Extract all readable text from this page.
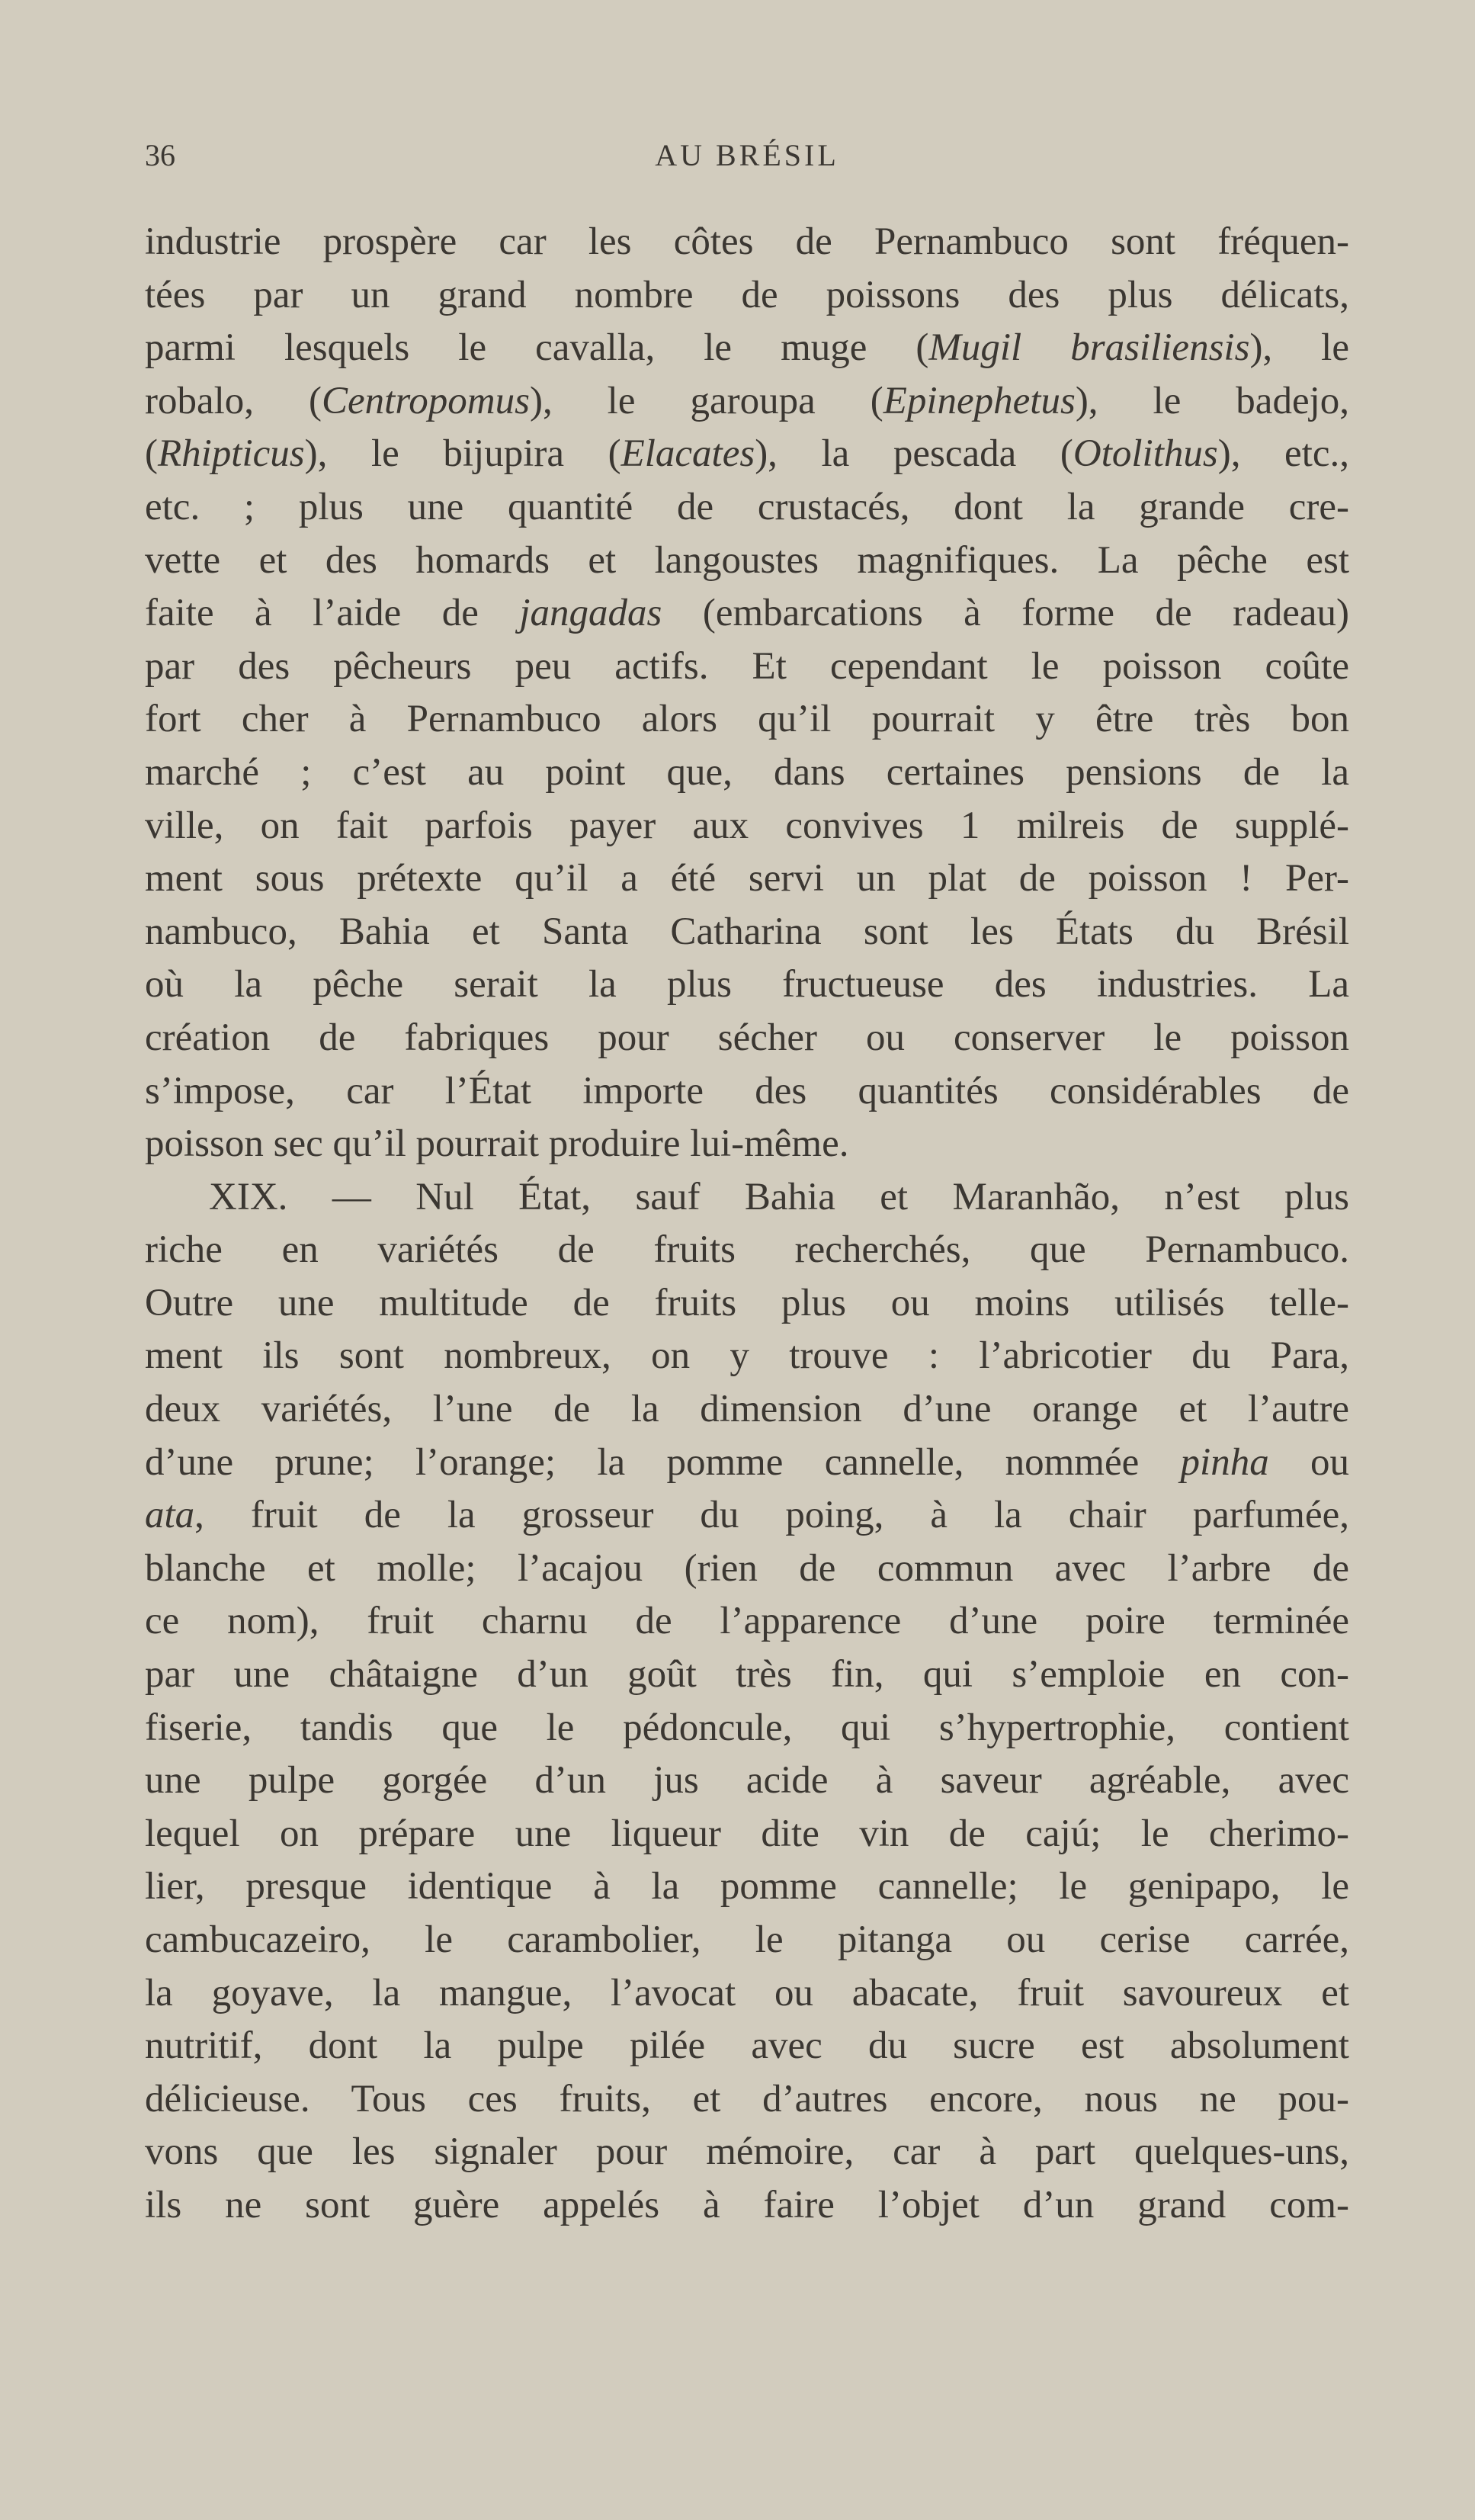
36	AU BRÉSIL
industrie prospère car les côtes de Pernambuco sont fréquen-
tées par un grand nombre de poissons des plus délicats,
parmi lesquels le cavalla, le muge (Mugil brasiliensis), le
robalo, (Centropomus), le garoupa (Epinephetus), le badejo,
(Rhipticus), le bijupira (Elacates), la pescada (Otolithus), etc.,
etc. ; plus une quantité de crustacés, dont la grande cre-
vette et des homards et langoustes magnifiques. La pêche est
faite à l’aide de jangadas (embarcations à forme de radeau)
par des pêcheurs peu actifs. Et cependant le poisson coûte
fort cher à Pernambuco alors qu’il pourrait y être très bon
marché ; c’est au point que, dans certaines pensions de la
ville, on fait parfois payer aux convives 1 milreis de supplé-
ment sous prétexte qu’il a été servi un plat de poisson ! Per-
nambuco, Bahia et Santa Catharina sont les États du Brésil
où la pêche serait la plus fructueuse des industries. La
création de fabriques pour sécher ou conserver le poisson
s’impose, car l’État importe des quantités considérables de
poisson sec qu’il pourrait produire lui-même.
XIX. — Nul État, sauf Bahia et Maranhão, n’est plus
riche en variétés de fruits recherchés, que Pernambuco.
Outre une multitude de fruits plus ou moins utilisés telle-
ment ils sont nombreux, on y trouve : l’abricotier du Para,
deux variétés, l’une de la dimension d’une orange et l’autre
d’une prune; l’orange; la pomme cannelle, nommée pinha ou
ata, fruit de la grosseur du poing, à la chair parfumée,
blanche et molle; l’acajou (rien de commun avec l’arbre de
ce nom), fruit charnu de l’apparence d’une poire terminée
par une châtaigne d’un goût très fin, qui s’emploie en con-
fiserie, tandis que le pédoncule, qui s’hypertrophie, contient
une pulpe gorgée d’un jus acide à saveur agréable, avec
lequel on prépare une liqueur dite vin de cajú; le cherimo-
lier, presque identique à la pomme cannelle; le genipapo, le
cambucazeiro, le carambolier, le pitanga ou cerise carrée,
la goyave, la mangue, l’avocat ou abacate, fruit savoureux et
nutritif, dont la pulpe pilée avec du sucre est absolument
délicieuse. Tous ces fruits, et d’autres encore, nous ne pou-
vons que les signaler pour mémoire, car à part quelques-uns,
ils ne sont guère appelés à faire l’objet d’un grand com-
